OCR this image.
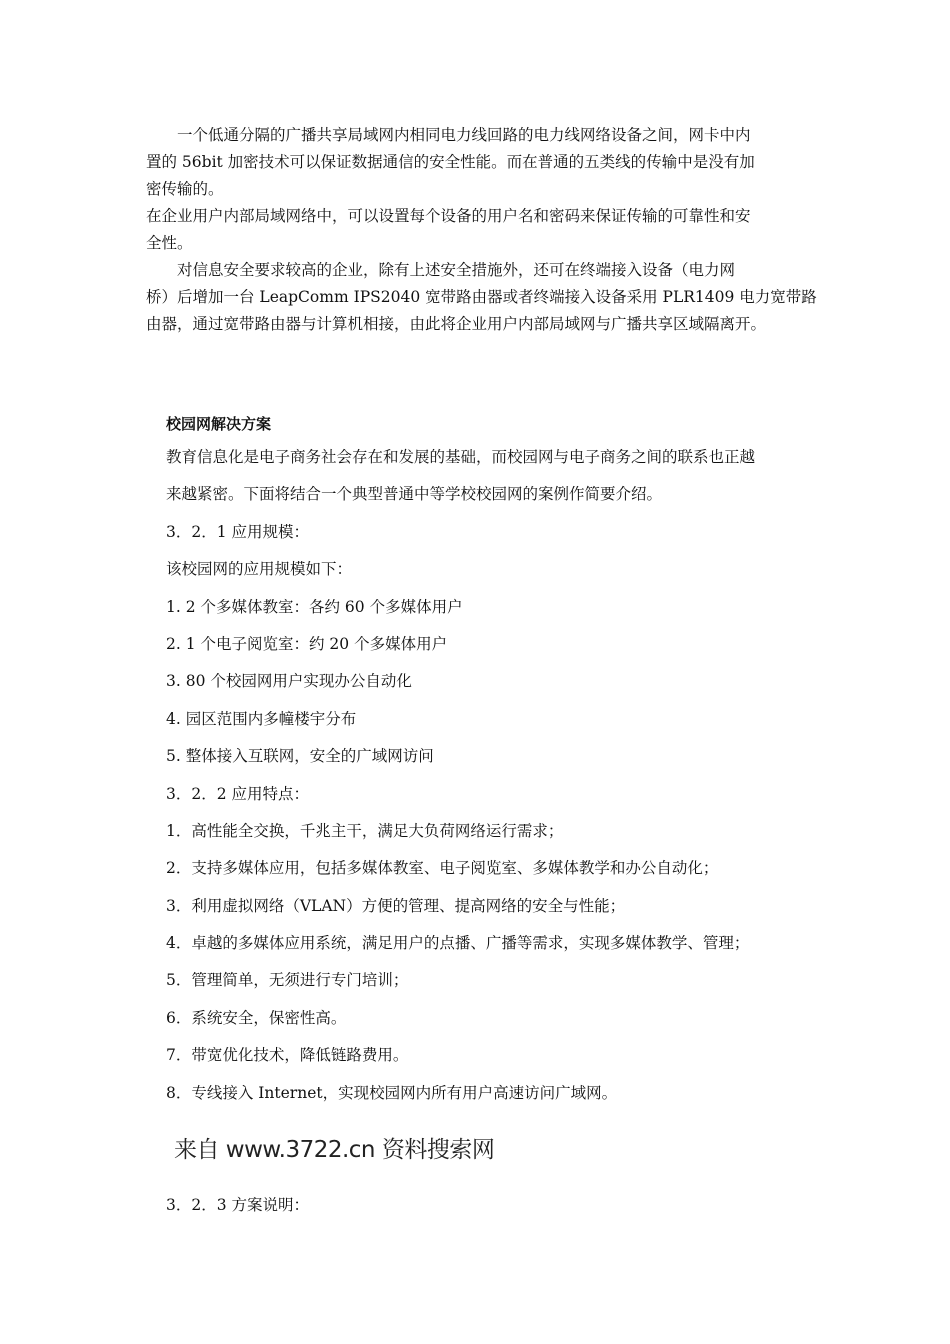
一个低通分隔的广播共享局域网内相同电力线回路的电力线网络设备之间，网卡中内
置的 56bit 加密技术可以保证数据通信的安全性能。而在普通的五类线的传输中是没有加
密传输的。
在企业用户内部局域网络中，可以设置每个设备的用户名和密码来保证传输的可靠性和安
全性。
对信息安全要求较高的企业，除有上述安全措施外，还可在终端接入设备（电力网
桥）后增加一台 LeapComm IPS2040 宽带路由器或者终端接入设备采用 PLR1409 电力宽带路
由器，通过宽带路由器与计算机相接，由此将企业用户内部局域网与广播共享区域隔离开。
校园网解决方案
教育信息化是电子商务社会存在和发展的基础，而校园网与电子商务之间的联系也正越
来越紧密。下面将结合一个典型普通中等学校校园网的案例作简要介绍。
3．2．1 应用规模：
该校园网的应用规模如下：
1. 2 个多媒体教室：各约 60 个多媒体用户
2. 1 个电子阅览室：约 20 个多媒体用户
3. 80 个校园网用户实现办公自动化
4. 园区范围内多幢楼宇分布
5. 整体接入互联网，安全的广域网访问
3．2．2 应用特点：
1．高性能全交换，千兆主干，满足大负荷网络运行需求；
2．支持多媒体应用，包括多媒体教室、电子阅览室、多媒体教学和办公自动化；
3．利用虚拟网络（VLAN）方便的管理、提高网络的安全与性能；
4．卓越的多媒体应用系统，满足用户的点播、广播等需求，实现多媒体教学、管理；
5．管理简单，无须进行专门培训；
6．系统安全，保密性高。
7．带宽优化技术，降低链路费用。
8．专线接入 Internet，实现校园网内所有用户高速访问广域网。
来自 www.3722.cn 资料搜索网
3．2．3 方案说明：
